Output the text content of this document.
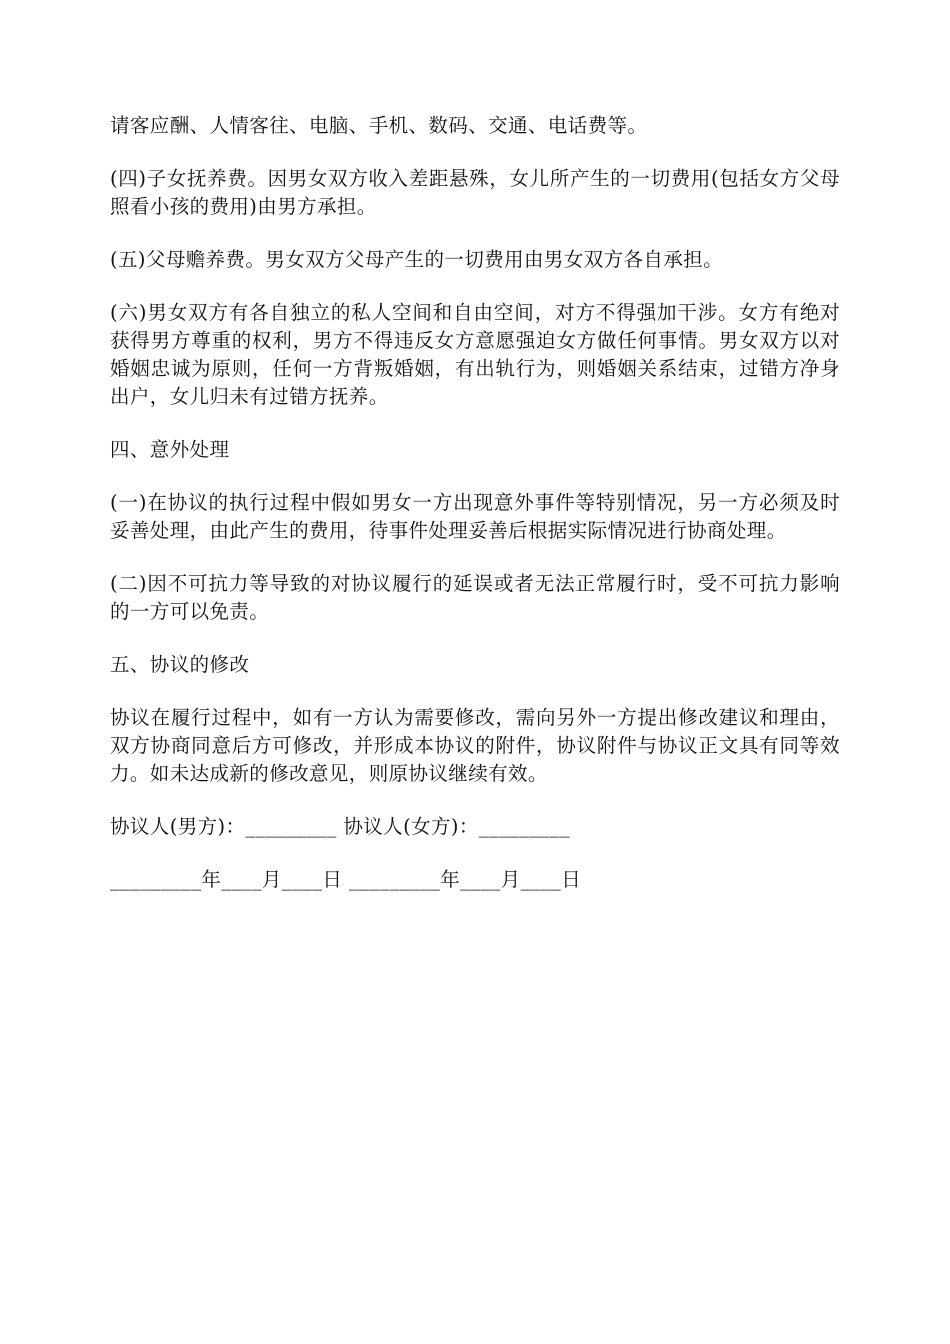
请客应酬、人情客往、电脑、手机、数码、交通、电话费等。

(四)子女抚养费。因男女双方收入差距悬殊，女儿所产生的一切费用(包括女方父母照看小孩的费用)由男方承担。

(五)父母赡养费。男女双方父母产生的一切费用由男女双方各自承担。

(六)男女双方有各自独立的私人空间和自由空间，对方不得强加干涉。女方有绝对获得男方尊重的权利，男方不得违反女方意愿强迫女方做任何事情。男女双方以对婚姻忠诚为原则，任何一方背叛婚姻，有出轨行为，则婚姻关系结束，过错方净身出户，女儿归未有过错方抚养。

四、意外处理

(一)在协议的执行过程中假如男女一方出现意外事件等特别情况，另一方必须及时妥善处理，由此产生的费用，待事件处理妥善后根据实际情况进行协商处理。

(二)因不可抗力等导致的对协议履行的延误或者无法正常履行时，受不可抗力影响的一方可以免责。

五、协议的修改

协议在履行过程中，如有一方认为需要修改，需向另外一方提出修改建议和理由，双方协商同意后方可修改，并形成本协议的附件，协议附件与协议正文具有同等效力。如未达成新的修改意见，则原协议继续有效。

协议人(男方)：_________ 协议人(女方)：_________

_________年____月____日 _________年____月____日
